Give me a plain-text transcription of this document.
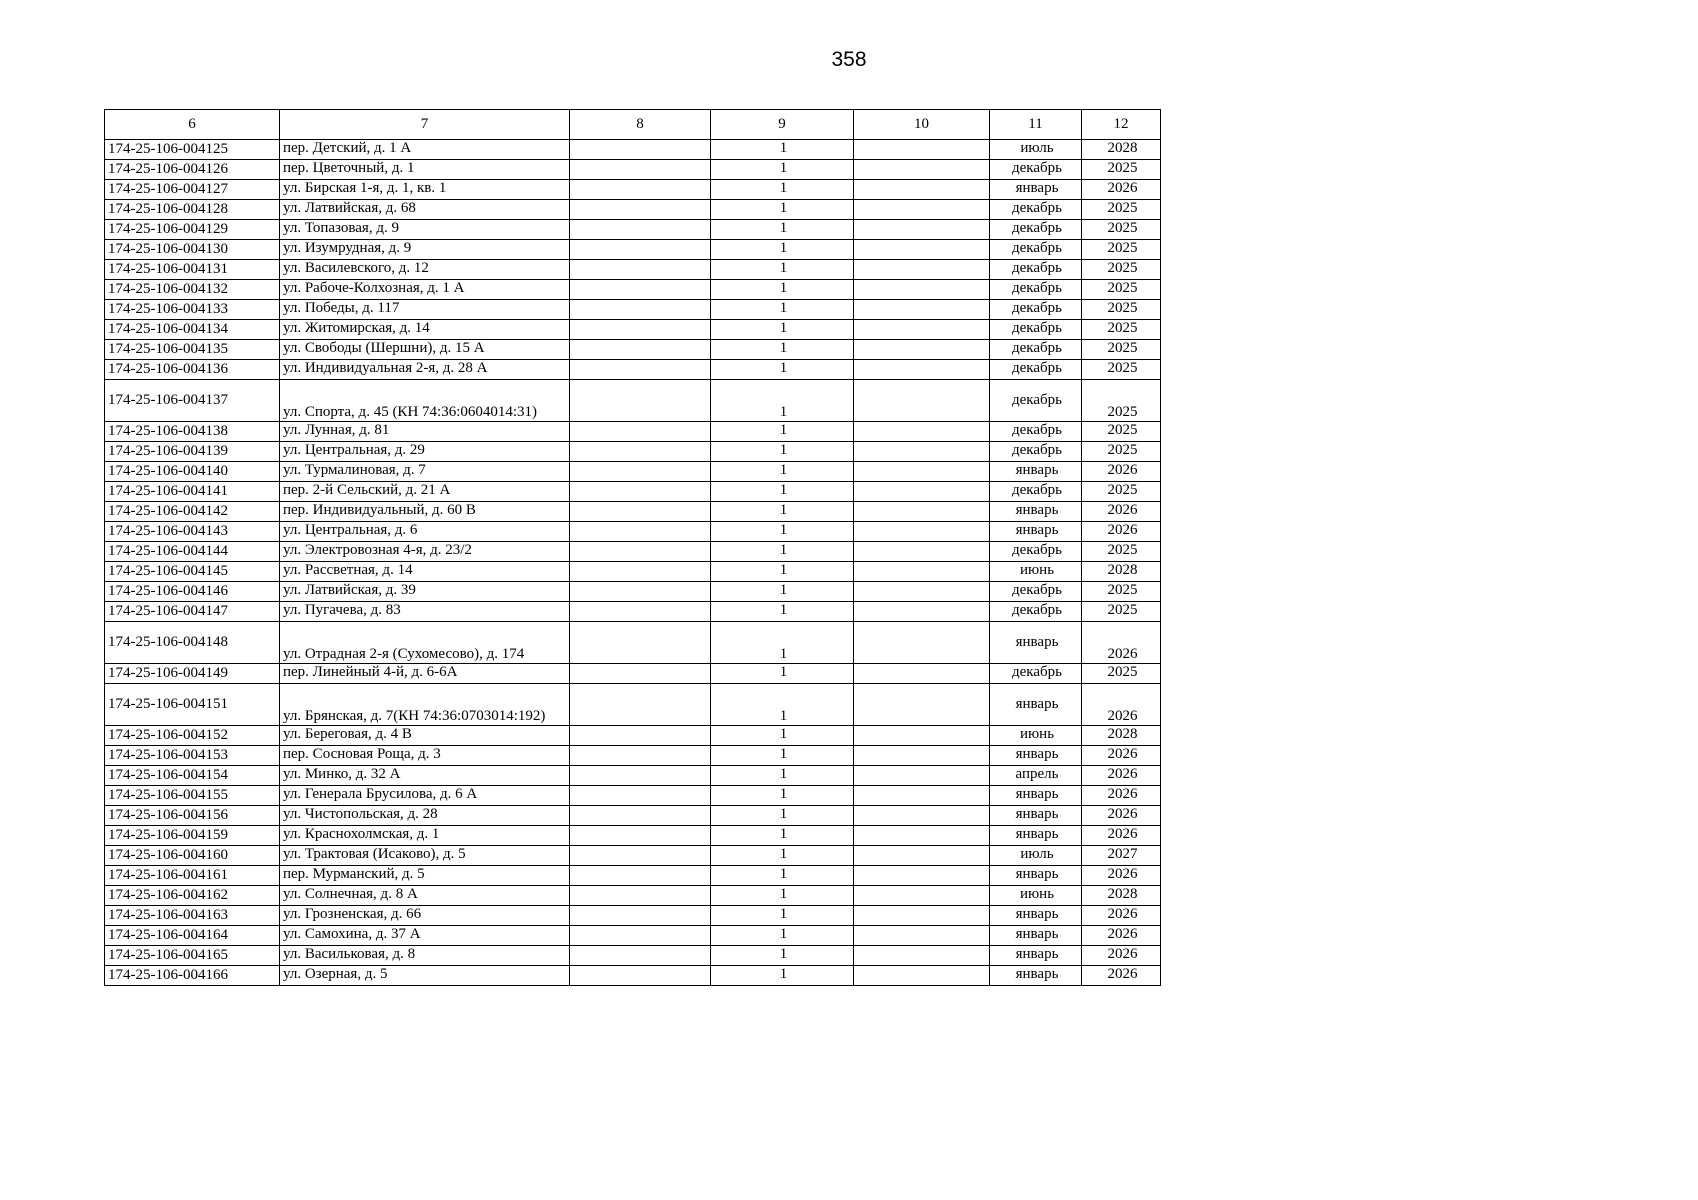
358
6	7	8	9	10	11	12
174-25-106-004125	пер. Детский, д. 1 А		1		июль	2028
174-25-106-004126	пер. Цветочный, д. 1		1		декабрь	2025
174-25-106-004127	ул. Бирская 1-я, д. 1, кв. 1		1		январь	2026
174-25-106-004128	ул. Латвийская, д. 68		1		декабрь	2025
174-25-106-004129	ул. Топазовая, д. 9		1		декабрь	2025
174-25-106-004130	ул. Изумрудная, д. 9		1		декабрь	2025
174-25-106-004131	ул. Василевского, д. 12		1		декабрь	2025
174-25-106-004132	ул. Рабоче-Колхозная, д. 1 А		1		декабрь	2025
174-25-106-004133	ул. Победы, д. 117		1		декабрь	2025
174-25-106-004134	ул. Житомирская, д. 14		1		декабрь	2025
174-25-106-004135	ул. Свободы (Шершни), д. 15 А		1		декабрь	2025
174-25-106-004136	ул. Индивидуальная 2-я, д. 28 А		1		декабрь	2025
174-25-106-004137	ул. Спорта, д. 45 (КН 74:36:0604014:31)		1		декабрь	2025
174-25-106-004138	ул. Лунная, д. 81		1		декабрь	2025
174-25-106-004139	ул. Центральная, д. 29		1		декабрь	2025
174-25-106-004140	ул. Турмалиновая, д. 7		1		январь	2026
174-25-106-004141	пер. 2-й Сельский, д. 21 А		1		декабрь	2025
174-25-106-004142	пер. Индивидуальный, д. 60 В		1		январь	2026
174-25-106-004143	ул. Центральная, д. 6		1		январь	2026
174-25-106-004144	ул. Электровозная 4-я, д. 23/2		1		декабрь	2025
174-25-106-004145	ул. Рассветная, д. 14		1		июнь	2028
174-25-106-004146	ул. Латвийская, д. 39		1		декабрь	2025
174-25-106-004147	ул. Пугачева, д. 83		1		декабрь	2025
174-25-106-004148	ул. Отрадная 2-я (Сухомесово), д. 174		1		январь	2026
174-25-106-004149	пер. Линейный 4-й, д. 6-6А		1		декабрь	2025
174-25-106-004151	ул. Брянская, д. 7(КН 74:36:0703014:192)		1		январь	2026
174-25-106-004152	ул. Береговая, д. 4 В		1		июнь	2028
174-25-106-004153	пер. Сосновая Роща, д. 3		1		январь	2026
174-25-106-004154	ул. Минко, д. 32 А		1		апрель	2026
174-25-106-004155	ул. Генерала Брусилова, д. 6 А		1		январь	2026
174-25-106-004156	ул. Чистопольская, д. 28		1		январь	2026
174-25-106-004159	ул. Краснохолмская, д. 1		1		январь	2026
174-25-106-004160	ул. Трактовая (Исаково), д. 5		1		июль	2027
174-25-106-004161	пер. Мурманский, д. 5		1		январь	2026
174-25-106-004162	ул. Солнечная, д. 8 А		1		июнь	2028
174-25-106-004163	ул. Грозненская, д. 66		1		январь	2026
174-25-106-004164	ул. Самохина, д. 37 А		1		январь	2026
174-25-106-004165	ул. Васильковая, д. 8		1		январь	2026
174-25-106-004166	ул. Озерная, д. 5		1		январь	2026
